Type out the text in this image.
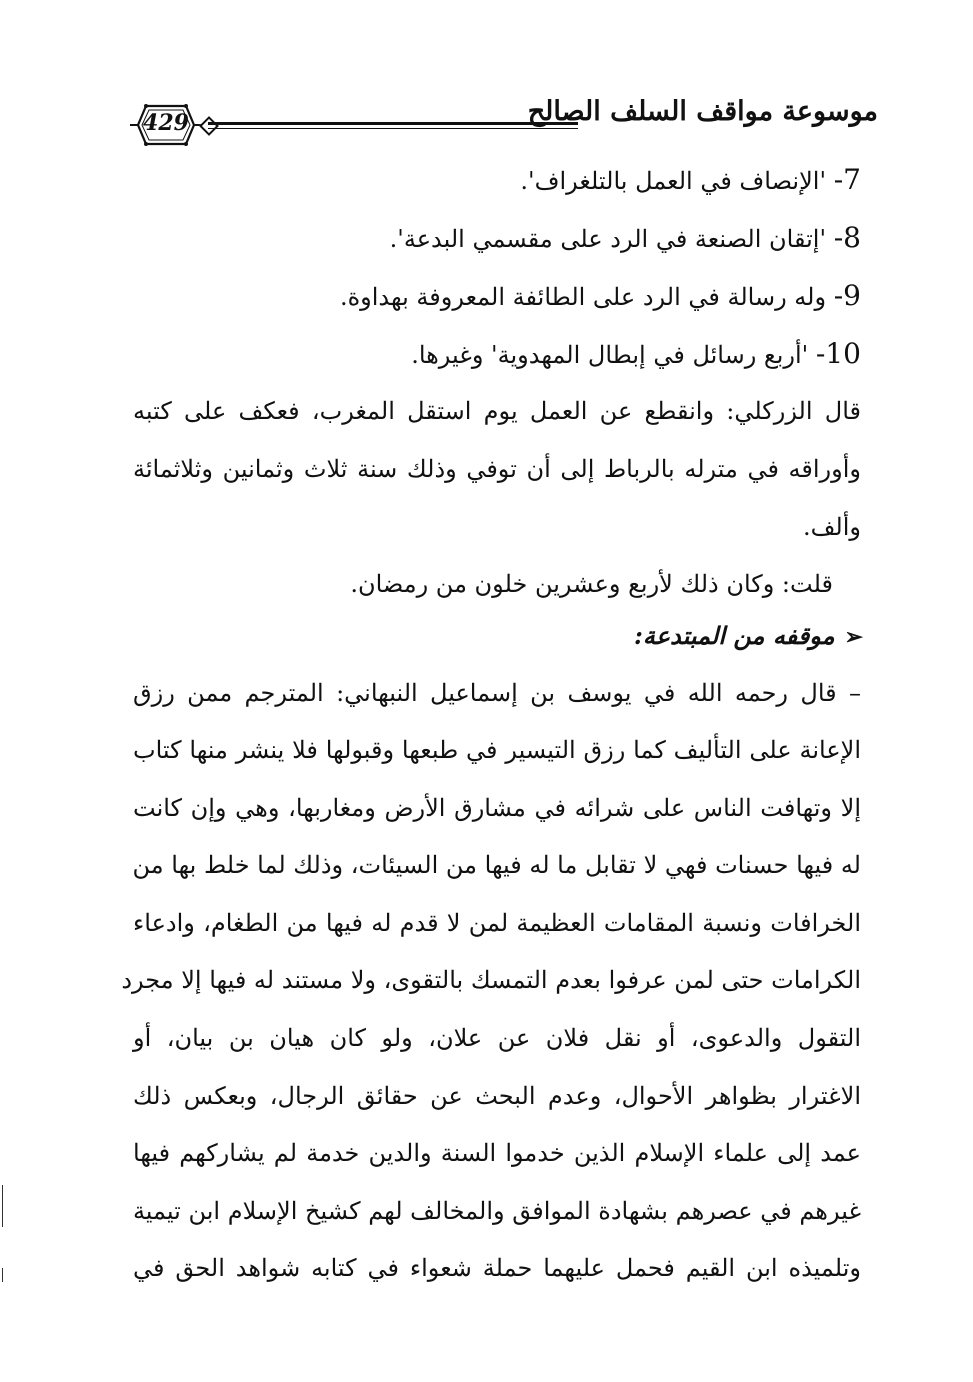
429	موسوعة مواقف السلف الصالح
7- 'الإنصاف في العمل بالتلغراف'.
8- 'إتقان الصنعة في الرد على مقسمي البدعة'.
9- وله رسالة في الرد على الطائفة المعروفة بهداوة.
10- 'أربع رسائل في إبطال المهدوية' وغيرها.
قال الزركلي: وانقطع عن العمل يوم استقل المغرب، فعكف على كتبه
وأوراقه في مترله بالرباط إلى أن توفي وذلك سنة ثلاث وثمانين وثلاثمائة
وألف.
قلت: وكان ذلك لأربع وعشرين خلون من رمضان.
➢موقفه من المبتدعة:
– قال رحمه الله في يوسف بن إسماعيل النبهاني: المترجم ممن رزق
الإعانة على التأليف كما رزق التيسير في طبعها وقبولها فلا ينشر منها كتاب
إلا وتهافت الناس على شرائه في مشارق الأرض ومغاربها، وهي وإن كانت
له فيها حسنات فهي لا تقابل ما له فيها من السيئات، وذلك لما خلط بها من
الخرافات ونسبة المقامات العظيمة لمن لا قدم له فيها من الطغام، وادعاء
الكرامات حتى لمن عرفوا بعدم التمسك بالتقوى، ولا مستند له فيها إلا مجرد
التقول والدعوى، أو نقل فلان عن علان، ولو كان هيان بن بيان، أو
الاغترار بظواهر الأحوال، وعدم البحث عن حقائق الرجال، وبعكس ذلك
عمد إلى علماء الإسلام الذين خدموا السنة والدين خدمة لم يشاركهم فيها
غيرهم في عصرهم بشهادة الموافق والمخالف لهم كشيخ الإسلام ابن تيمية
وتلميذه ابن القيم فحمل عليهما حملة شعواء في كتابه شواهد الحق في
